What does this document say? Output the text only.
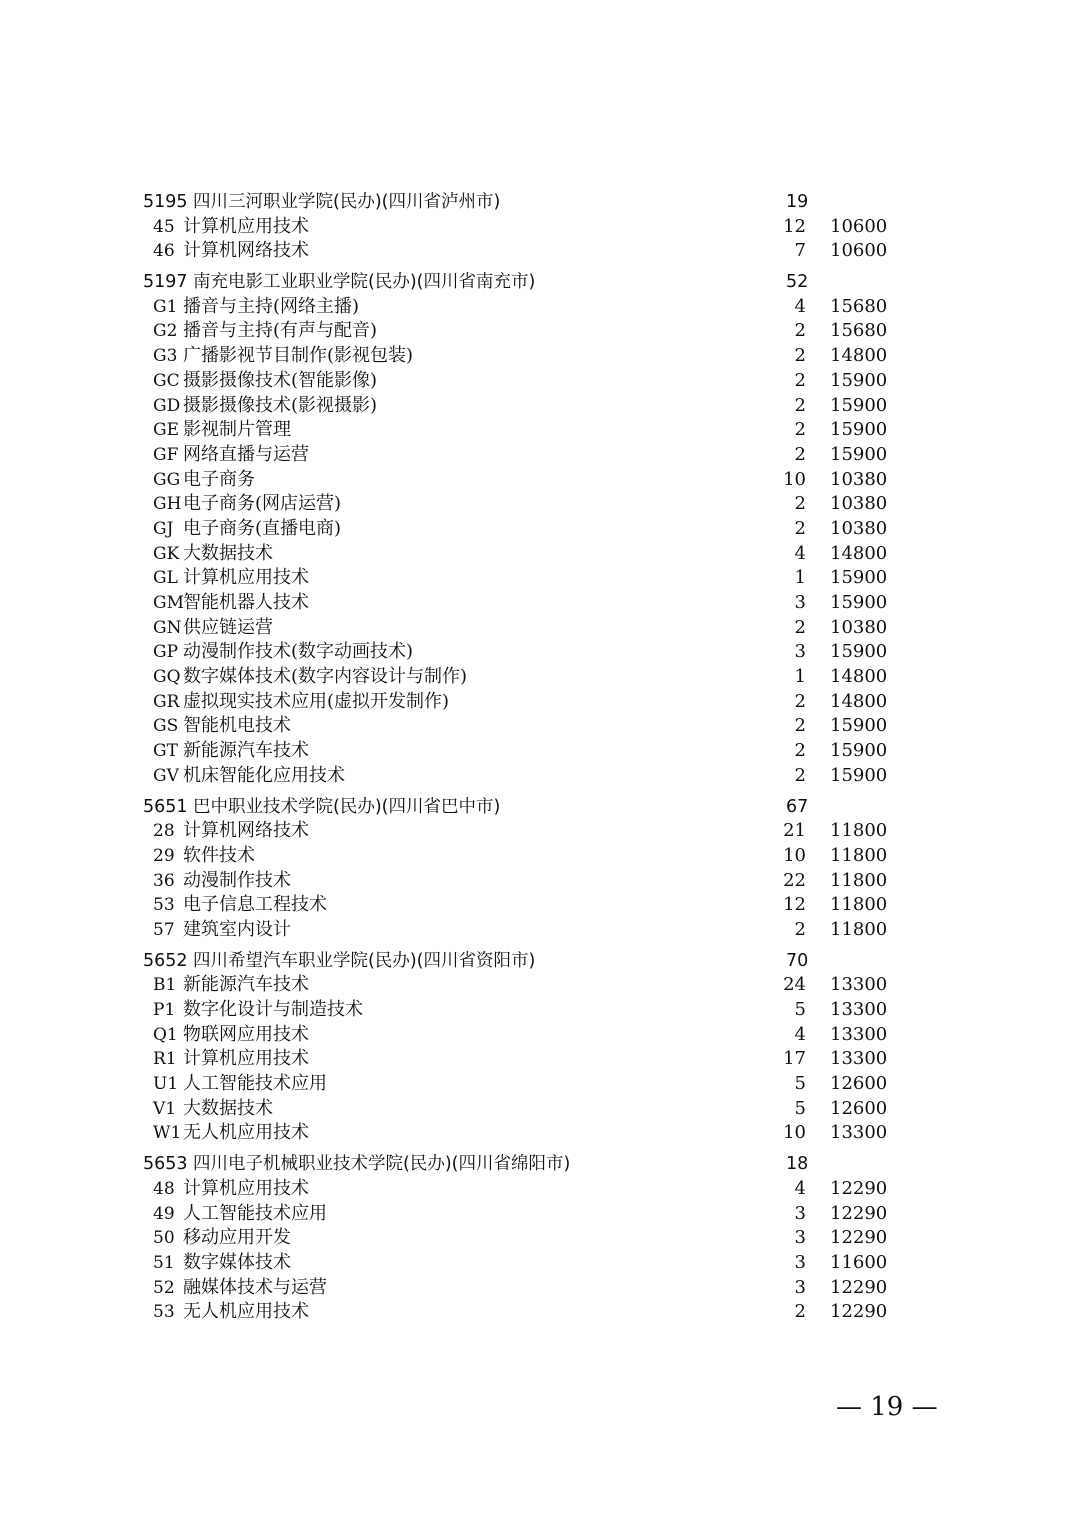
5195 四川三河职业学院(民办)(四川省泸州市)	19
45 计算机应用技术	12 10600
46 计算机网络技术	7 10600
5197 南充电影工业职业学院(民办)(四川省南充市)	52
G1 播音与主持(网络主播)	4 15680
G2 播音与主持(有声与配音)	2 15680
G3 广播影视节目制作(影视包装)	2 14800
GC 摄影摄像技术(智能影像)	2 15900
GD 摄影摄像技术(影视摄影)	2 15900
GE 影视制片管理	2 15900
GF 网络直播与运营	2 15900
GG 电子商务	10 10380
GH 电子商务(网店运营)	2 10380
GJ 电子商务(直播电商)	2 10380
GK 大数据技术	4 14800
GL 计算机应用技术	1 15900
GM 智能机器人技术	3 15900
GN 供应链运营	2 10380
GP 动漫制作技术(数字动画技术)	3 15900
GQ 数字媒体技术(数字内容设计与制作)	1 14800
GR 虚拟现实技术应用(虚拟开发制作)	2 14800
GS 智能机电技术	2 15900
GT 新能源汽车技术	2 15900
GV 机床智能化应用技术	2 15900
5651 巴中职业技术学院(民办)(四川省巴中市)	67
28 计算机网络技术	21 11800
29 软件技术	10 11800
36 动漫制作技术	22 11800
53 电子信息工程技术	12 11800
57 建筑室内设计	2 11800
5652 四川希望汽车职业学院(民办)(四川省资阳市)	70
B1 新能源汽车技术	24 13300
P1 数字化设计与制造技术	5 13300
Q1 物联网应用技术	4 13300
R1 计算机应用技术	17 13300
U1 人工智能技术应用	5 12600
V1 大数据技术	5 12600
W1 无人机应用技术	10 13300
5653 四川电子机械职业技术学院(民办)(四川省绵阳市)	18
48 计算机应用技术	4 12290
49 人工智能技术应用	3 12290
50 移动应用开发	3 12290
51 数字媒体技术	3 11600
52 融媒体技术与运营	3 12290
53 无人机应用技术	2 12290
— 19 —
